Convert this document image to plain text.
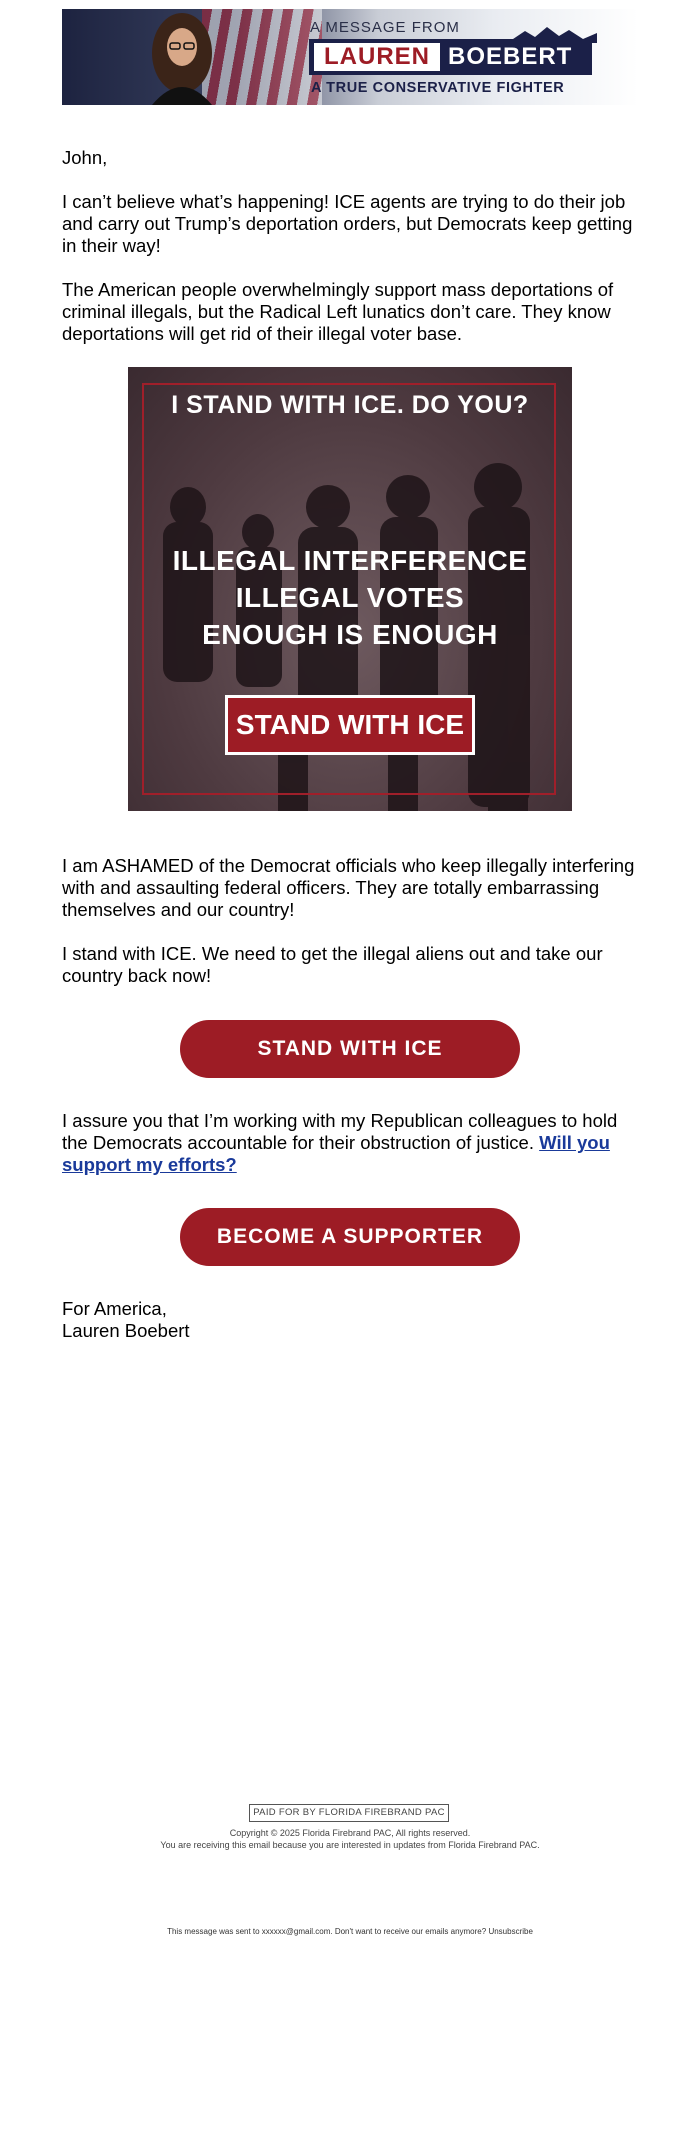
A MESSAGE FROM
LAUREN BOEBERT
A TRUE CONSERVATIVE FIGHTER

John,

I can’t believe what’s happening! ICE agents are trying to do their job and carry out Trump’s deportation orders, but Democrats keep getting in their way!

The American people overwhelmingly support mass deportations of criminal illegals, but the Radical Left lunatics don’t care. They know deportations will get rid of their illegal voter base.

I STAND WITH ICE. DO YOU?
ILLEGAL INTERFERENCE
ILLEGAL VOTES
ENOUGH IS ENOUGH
STAND WITH ICE

I am ASHAMED of the Democrat officials who keep illegally interfering with and assaulting federal officers. They are totally embarrassing themselves and our country!

I stand with ICE. We need to get the illegal aliens out and take our country back now!

STAND WITH ICE

I assure you that I’m working with my Republican colleagues to hold the Democrats accountable for their obstruction of justice. Will you support my efforts?

BECOME A SUPPORTER

For America,

Lauren Boebert

PAID FOR BY FLORIDA FIREBRAND PAC
Copyright © 2025 Florida Firebrand PAC, All rights reserved.
You are receiving this email because you are interested in updates from Florida Firebrand PAC.
This message was sent to xxxxxx@gmail.com. Don't want to receive our emails anymore? Unsubscribe
